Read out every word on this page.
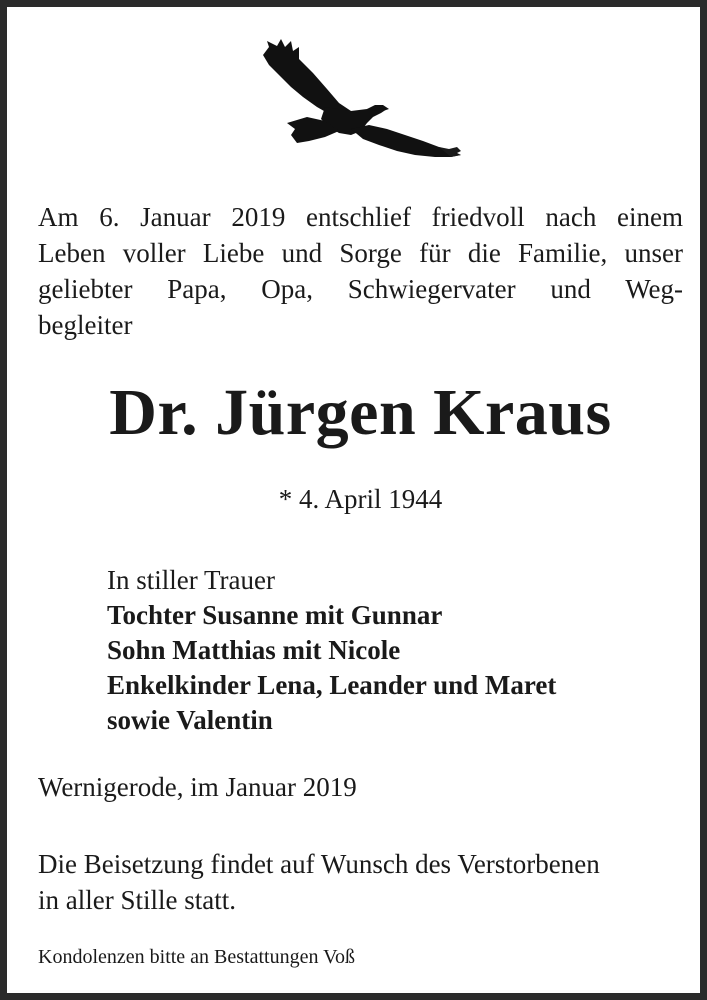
Am 6. Januar 2019 entschlief friedvoll nach einem
Leben voller Liebe und Sorge für die Familie, unser
geliebter Papa, Opa, Schwiegervater und Weg-
begleiter
Dr. Jürgen Kraus
* 4. April 1944
In stiller Trauer
Tochter Susanne mit Gunnar
Sohn Matthias mit Nicole
Enkelkinder Lena, Leander und Maret
sowie Valentin
Wernigerode, im Januar 2019
Die Beisetzung findet auf Wunsch des Verstorbenen
in aller Stille statt.
Kondolenzen bitte an Bestattungen Voß
